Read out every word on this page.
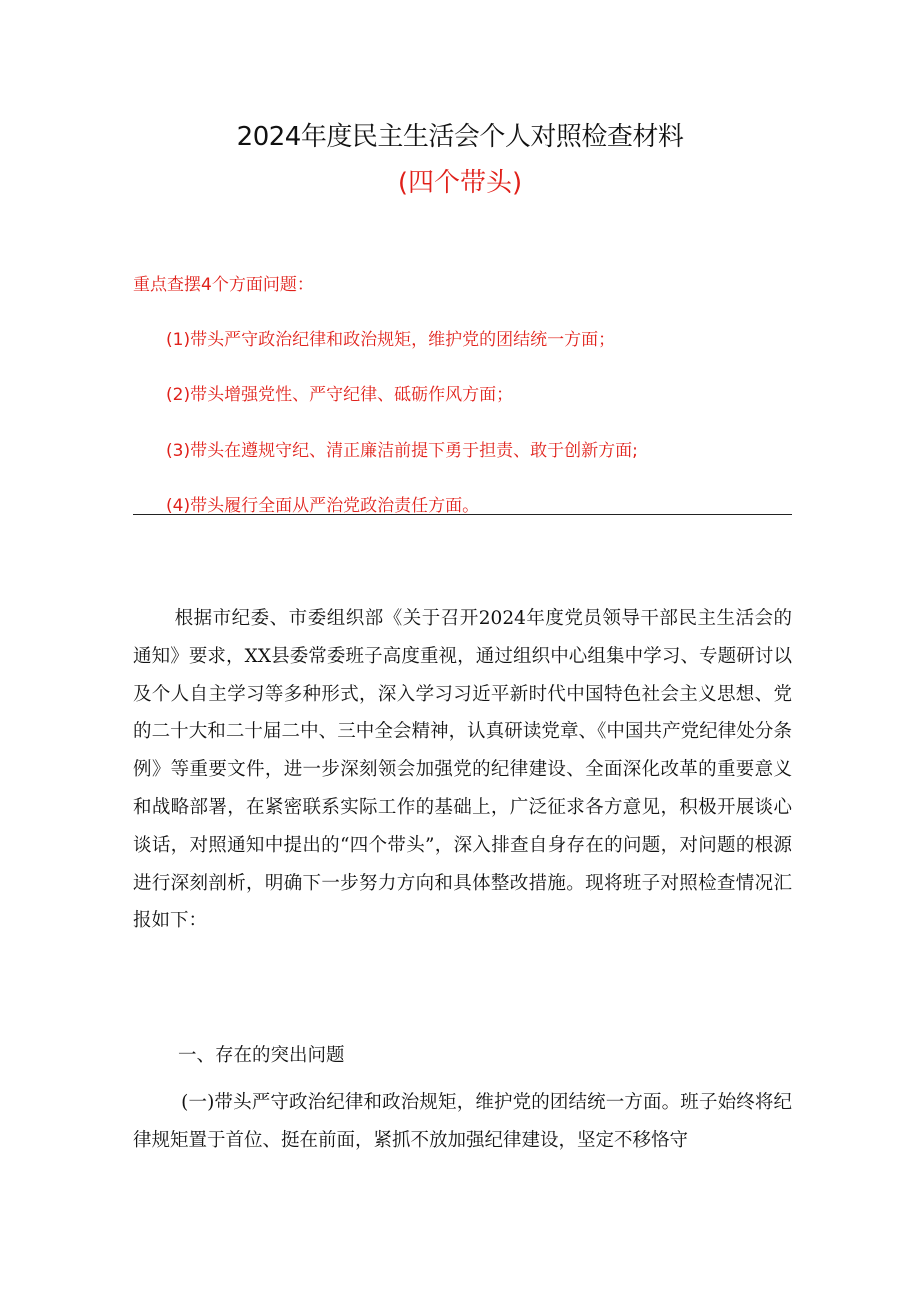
2024年度民主生活会个人对照检查材料
(四个带头)
重点查摆4个方面问题：
(1)带头严守政治纪律和政治规矩，维护党的团结统一方面；
(2)带头增强党性、严守纪律、砥砺作风方面；
(3)带头在遵规守纪、清正廉洁前提下勇于担责、敢于创新方面;
(4)带头履行全面从严治党政治责任方面。
根据市纪委、市委组织部《关于召开2024年度党员领导干部民主生活会的通知》要求，XX县委常委班子高度重视，通过组织中心组集中学习、专题研讨以及个人自主学习等多种形式，深入学习习近平新时代中国特色社会主义思想、党的二十大和二十届二中、三中全会精神，认真研读党章、《中国共产党纪律处分条例》等重要文件，进一步深刻领会加强党的纪律建设、全面深化改革的重要意义和战略部署，在紧密联系实际工作的基础上，广泛征求各方意见，积极开展谈心谈话，对照通知中提出的“四个带头”，深入排查自身存在的问题，对问题的根源进行深刻剖析，明确下一步努力方向和具体整改措施。现将班子对照检查情况汇报如下：
一、存在的突出问题
(一)带头严守政治纪律和政治规矩，维护党的团结统一方面。班子始终将纪律规矩置于首位、挺在前面，紧抓不放加强纪律建设，坚定不移恪守
